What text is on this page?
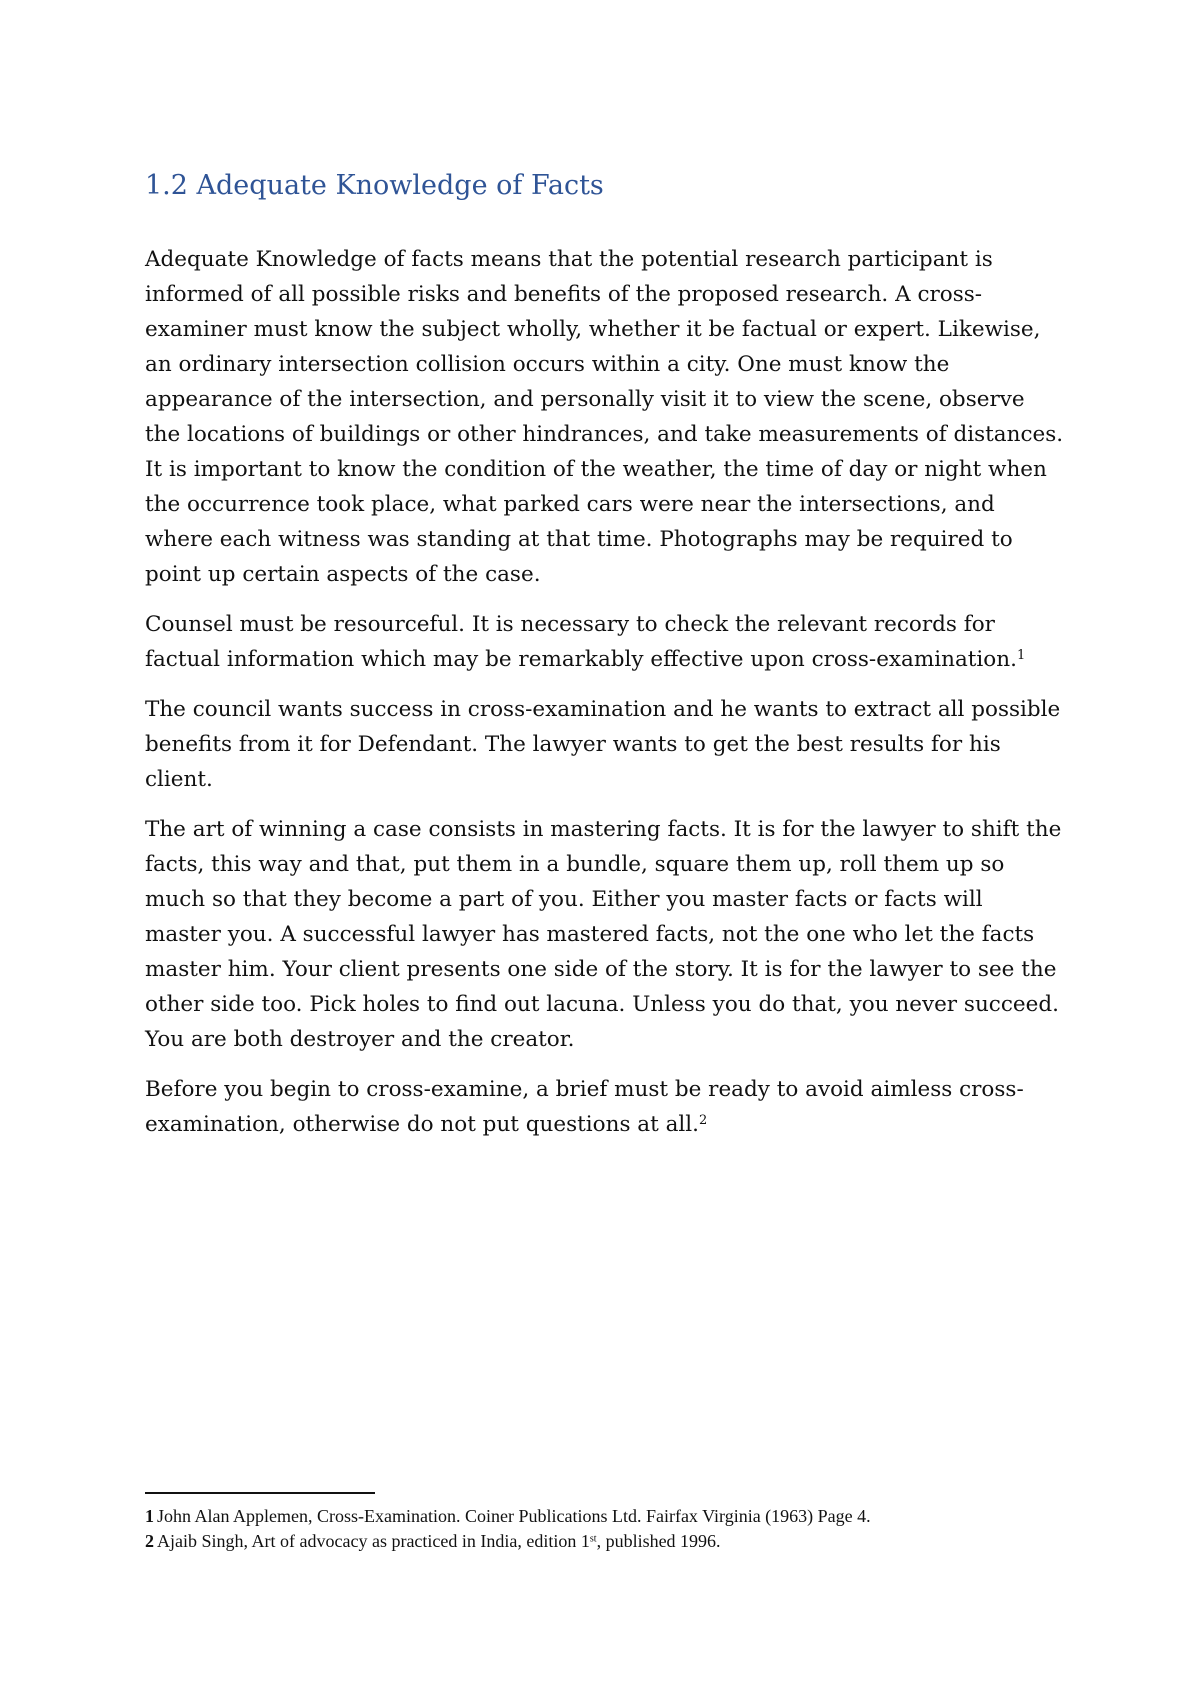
1.2 Adequate Knowledge of Facts

Adequate Knowledge of facts means that the potential research participant is informed of all possible risks and benefits of the proposed research. A cross-examiner must know the subject wholly, whether it be factual or expert. Likewise, an ordinary intersection collision occurs within a city. One must know the appearance of the intersection, and personally visit it to view the scene, observe the locations of buildings or other hindrances, and take measurements of distances. It is important to know the condition of the weather, the time of day or night when the occurrence took place, what parked cars were near the intersections, and where each witness was standing at that time. Photographs may be required to point up certain aspects of the case.

Counsel must be resourceful. It is necessary to check the relevant records for factual information which may be remarkably effective upon cross-examination.$^1$

The council wants success in cross-examination and he wants to extract all possible benefits from it for Defendant. The lawyer wants to get the best results for his client.

The art of winning a case consists in mastering facts. It is for the lawyer to shift the facts, this way and that, put them in a bundle, square them up, roll them up so much so that they become a part of you. Either you master facts or facts will master you. A successful lawyer has mastered facts, not the one who let the facts master him. Your client presents one side of the story. It is for the lawyer to see the other side too. Pick holes to find out lacuna. Unless you do that, you never succeed. You are both destroyer and the creator.

Before you begin to cross-examine, a brief must be ready to avoid aimless cross-examination, otherwise do not put questions at all.$^2$

1 John Alan Applemen, Cross-Examination. Coiner Publications Ltd. Fairfax Virginia (1963) Page 4.

2 Ajaib Singh, Art of advocacy as practiced in India, edition 1st, published 1996.
